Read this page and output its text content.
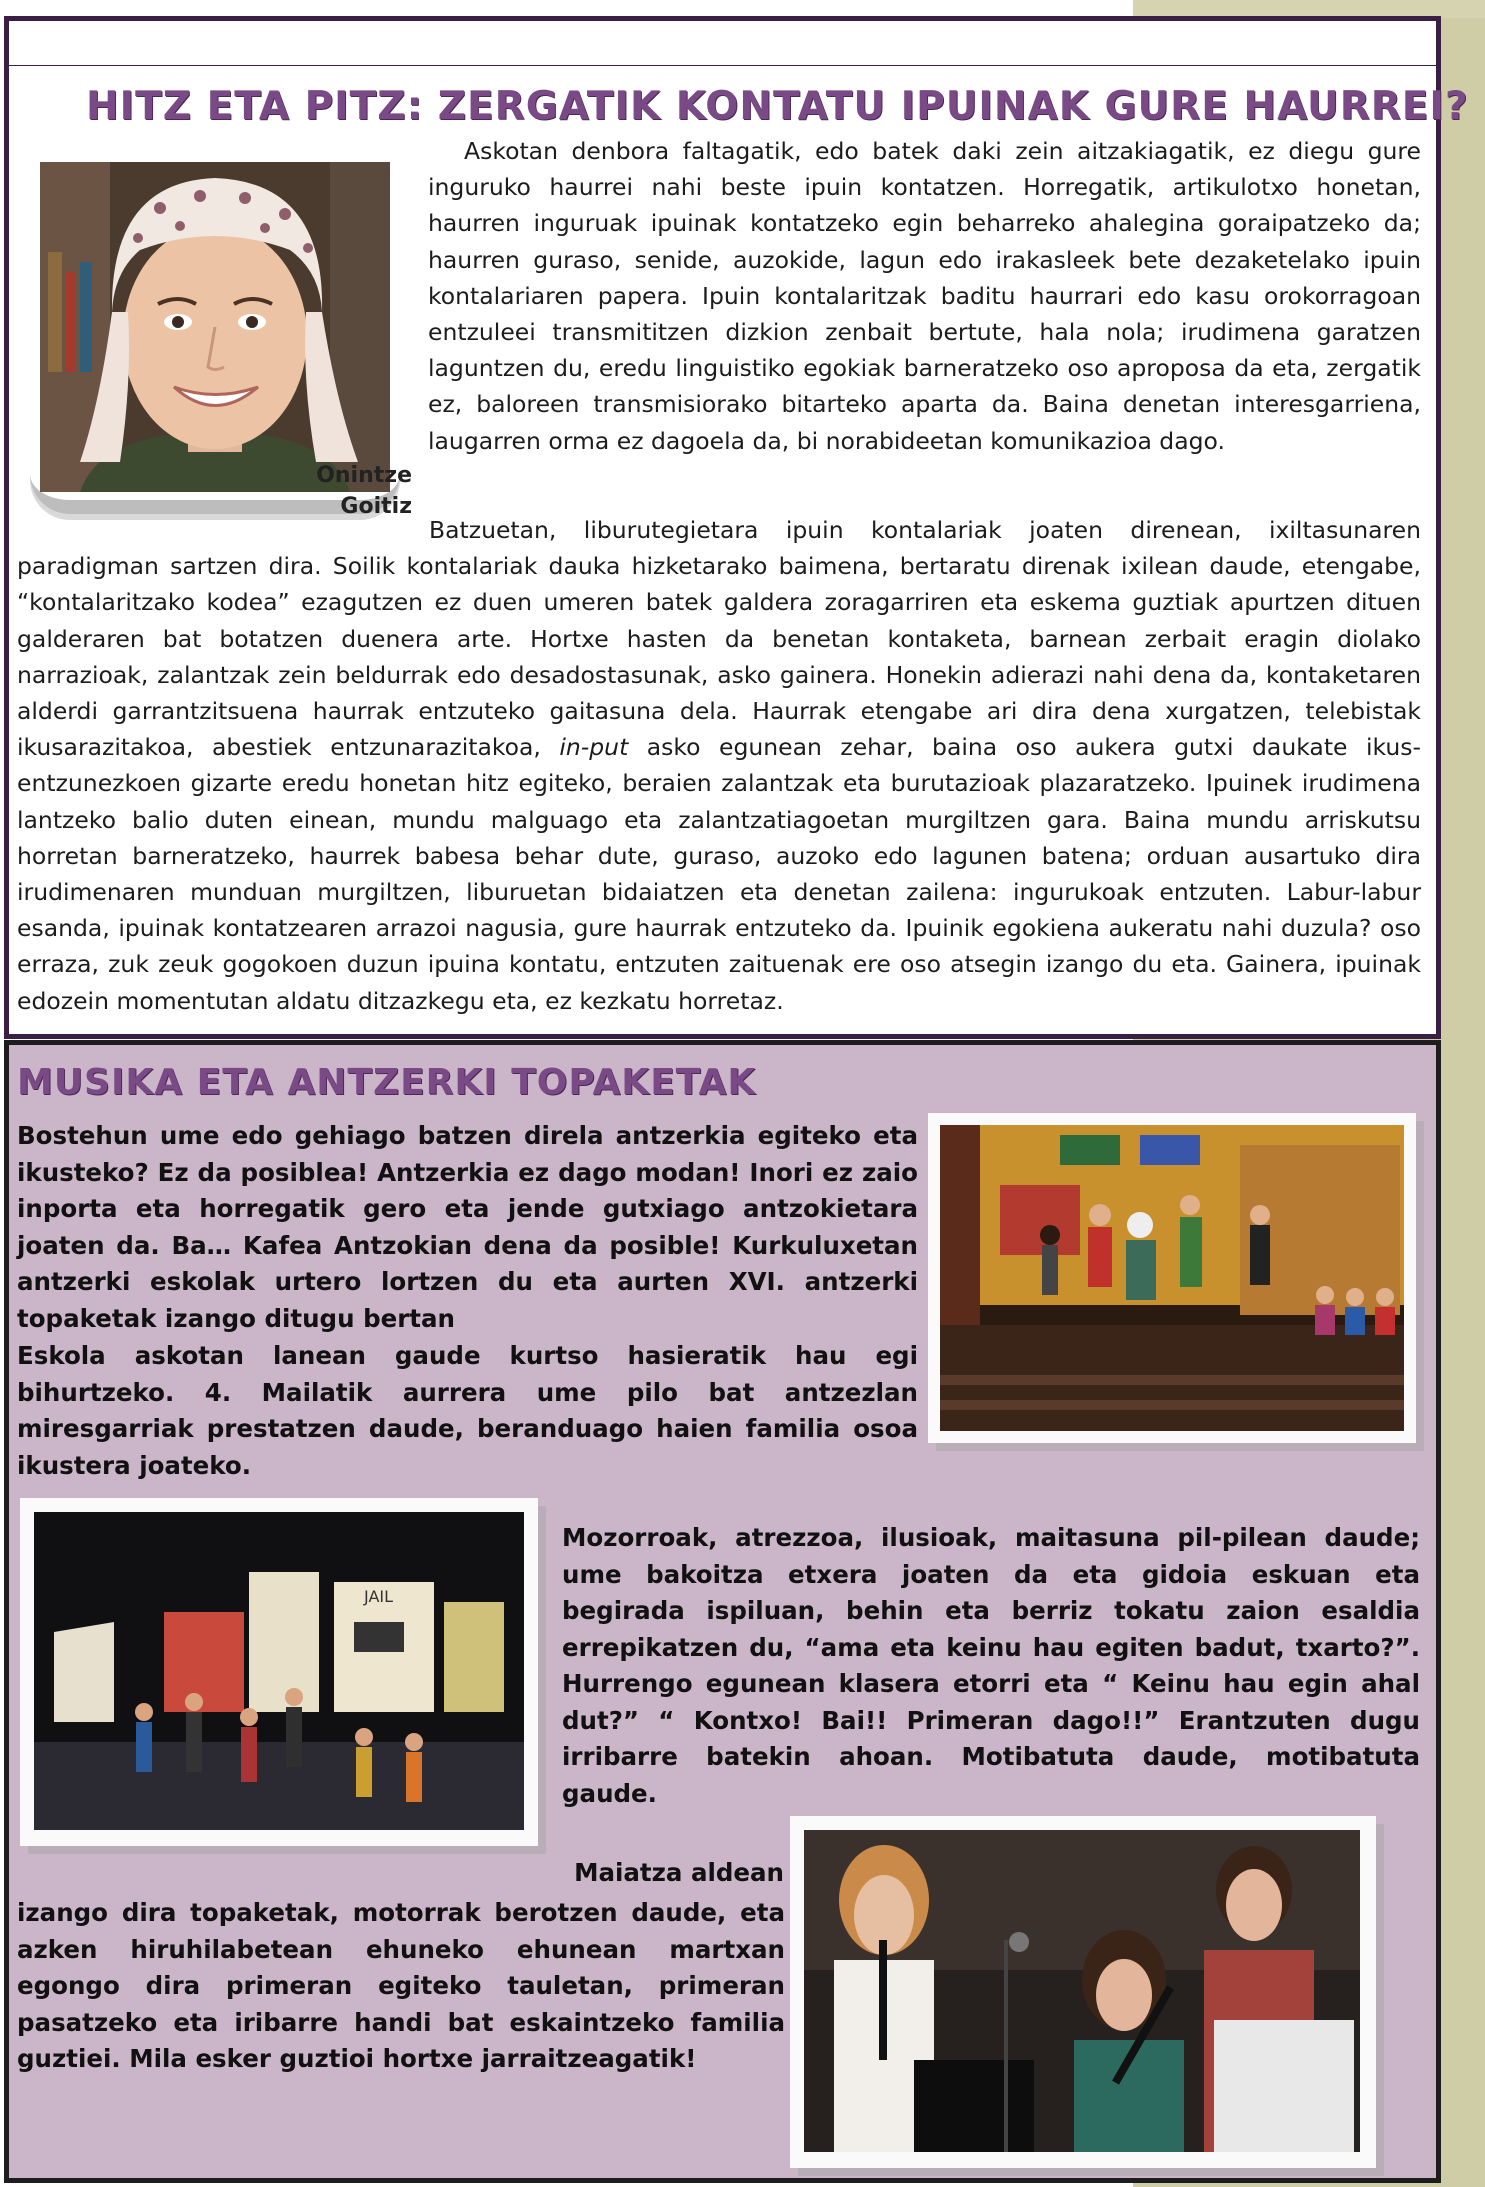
HITZ ETA PITZ: ZERGATIK KONTATU IPUINAK GURE HAURREI?
Onintze
Goitiz

Askotan denbora faltagatik, edo batek daki zein aitzakiagatik, ez diegu gure inguruko haurrei nahi beste ipuin kontatzen. Horregatik, artikulotxo honetan, haurren inguruak ipuinak kontatzeko egin beharreko ahalegina goraipatzeko da; haurren guraso, senide, auzokide, lagun edo irakasleek bete dezaketelako ipuin kontalariaren papera. Ipuin kontalaritzak baditu haurrari edo kasu orokorragoan entzuleei transmititzen dizkion zenbait bertute, hala nola; irudimena garatzen laguntzen du, eredu linguistiko egokiak barneratzeko oso aproposa da eta, zergatik ez, baloreen transmisiorako bitarteko aparta da. Baina denetan interesgarriena, laugarren orma ez dagoela da, bi norabideetan komunikazioa dago.

Batzuetan, liburutegietara ipuin kontalariak joaten direnean, ixiltasunaren paradigman sartzen dira. Soilik kontalariak dauka hizketarako baimena, bertaratu direnak ixilean daude, etengabe, “kontalaritzako kodea” ezagutzen ez duen umeren batek galdera zoragarriren eta eskema guztiak apurtzen dituen galderaren bat botatzen duenera arte. Hortxe hasten da benetan kontaketa, barnean zerbait eragin diolako narrazioak, zalantzak zein beldurrak edo desadostasunak, asko gainera. Honekin adierazi nahi dena da, kontaketaren alderdi garrantzitsuena haurrak entzuteko gaitasuna dela. Haurrak etengabe ari dira dena xurgatzen, telebistak ikusarazitakoa, abestiek entzunarazitakoa, in-put asko egunean zehar, baina oso aukera gutxi daukate ikus-entzunezkoen gizarte eredu honetan hitz egiteko, beraien zalantzak eta burutazioak plazaratzeko. Ipuinek irudimena lantzeko balio duten einean, mundu malguago eta zalantzatiagoetan murgiltzen gara. Baina mundu arriskutsu horretan barneratzeko, haurrek babesa behar dute, guraso, auzoko edo lagunen batena; orduan ausartuko dira irudimenaren munduan murgiltzen, liburuetan bidaiatzen eta denetan zailena: ingurukoak entzuten. Labur-labur esanda, ipuinak kontatzearen arrazoi nagusia, gure haurrak entzuteko da. Ipuinik egokiena aukeratu nahi duzula? oso erraza, zuk zeuk gogokoen duzun ipuina kontatu, entzuten zaituenak ere oso atsegin izango du eta. Gainera, ipuinak edozein momentutan aldatu ditzazkegu eta, ez kezkatu horretaz.

MUSIKA ETA ANTZERKI TOPAKETAK

Bostehun ume edo gehiago batzen direla antzerkia egiteko eta ikusteko? Ez da posiblea! Antzerkia ez dago modan! Inori ez zaio inporta eta horregatik gero eta jende gutxiago antzokietara joaten da. Ba… Kafea Antzokian dena da posible! Kurkuluxetan antzerki eskolak urtero lortzen du eta aurten XVI. antzerki topaketak izango ditugu bertan

Eskola askotan lanean gaude kurtso hasieratik hau egi bihurtzeko. 4. Mailatik aurrera ume pilo bat antzezlan miresgarriak prestatzen daude, beranduago haien familia osoa ikustera joateko.

JAIL

Mozorroak, atrezzoa, ilusioak, maitasuna pil-pilean daude; ume bakoitza etxera joaten da eta gidoia eskuan eta begirada ispiluan, behin eta berriz tokatu zaion esaldia errepikatzen du, “ama eta keinu hau egiten badut, txarto?”. Hurrengo egunean klasera etorri eta “ Keinu hau egin ahal dut?” “ Kontxo! Bai!! Primeran dago!!” Erantzuten dugu irribarre batekin ahoan. Motibatuta daude, motibatuta gaude.

Maiatza aldean

izango dira topaketak, motorrak berotzen daude, eta azken hiruhilabetean ehuneko ehunean martxan egongo dira primeran egiteko tauletan, primeran pasatzeko eta iribarre handi bat eskaintzeko familia guztiei. Mila esker guztioi hortxe jarraitzeagatik!
